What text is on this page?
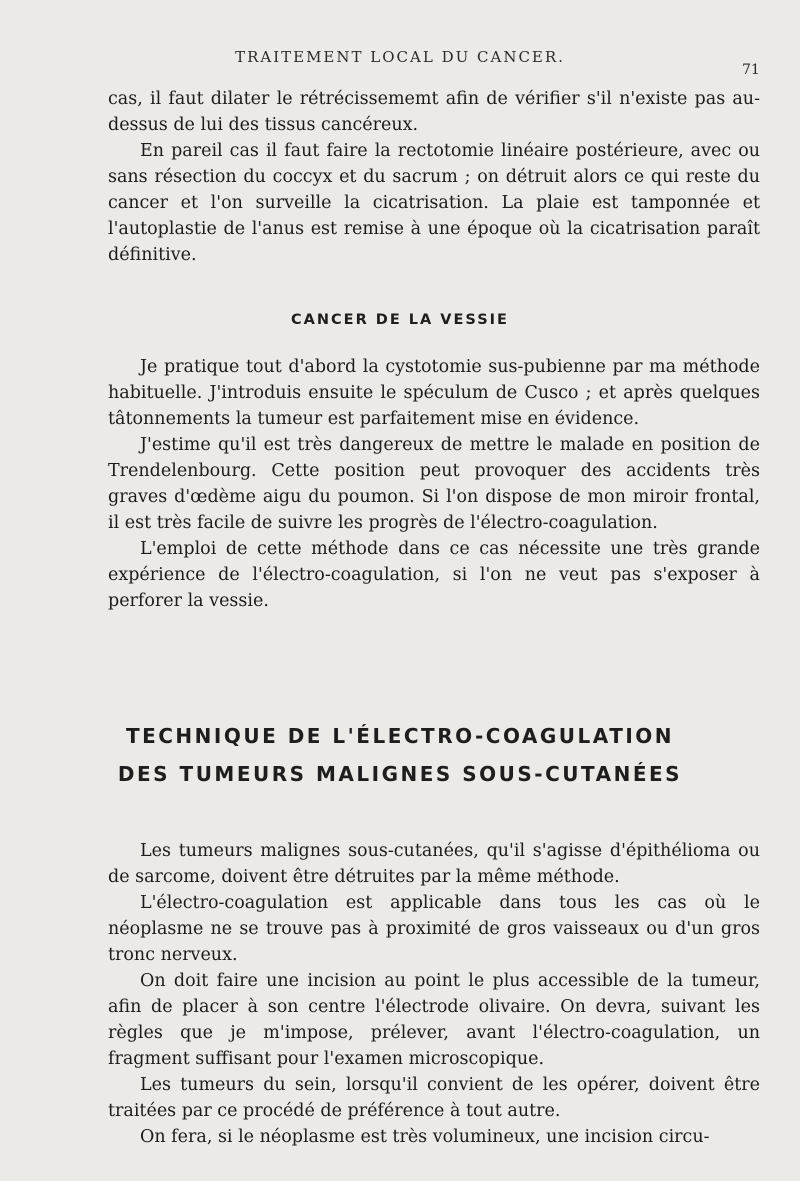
TRAITEMENT LOCAL DU CANCER.
71

cas, il faut dilater le rétrécissememt afin de vérifier s'il n'existe pas au-dessus de lui des tissus cancéreux.

En pareil cas il faut faire la rectotomie linéaire postérieure, avec ou sans résection du coccyx et du sacrum ; on détruit alors ce qui reste du cancer et l'on surveille la cicatrisation. La plaie est tamponnée et l'autoplastie de l'anus est remise à une époque où la cicatrisation paraît définitive.

CANCER DE LA VESSIE

Je pratique tout d'abord la cystotomie sus-pubienne par ma méthode habituelle. J'introduis ensuite le spéculum de Cusco ; et après quelques tâtonnements la tumeur est parfaitement mise en évidence.

J'estime qu'il est très dangereux de mettre le malade en position de Trendelenbourg. Cette position peut provoquer des accidents très graves d'œdème aigu du poumon. Si l'on dispose de mon miroir frontal, il est très facile de suivre les progrès de l'électro-coagulation.

L'emploi de cette méthode dans ce cas nécessite une très grande expérience de l'électro-coagulation, si l'on ne veut pas s'exposer à perforer la vessie.

TECHNIQUE DE L'ÉLECTRO-COAGULATION
DES TUMEURS MALIGNES SOUS-CUTANÉES

Les tumeurs malignes sous-cutanées, qu'il s'agisse d'épithélioma ou de sarcome, doivent être détruites par la même méthode.

L'électro-coagulation est applicable dans tous les cas où le néoplasme ne se trouve pas à proximité de gros vaisseaux ou d'un gros tronc nerveux.

On doit faire une incision au point le plus accessible de la tumeur, afin de placer à son centre l'électrode olivaire. On devra, suivant les règles que je m'impose, prélever, avant l'électro-coagulation, un fragment suffisant pour l'examen microscopique.

Les tumeurs du sein, lorsqu'il convient de les opérer, doivent être traitées par ce procédé de préférence à tout autre.

On fera, si le néoplasme est très volumineux, une incision circu-
